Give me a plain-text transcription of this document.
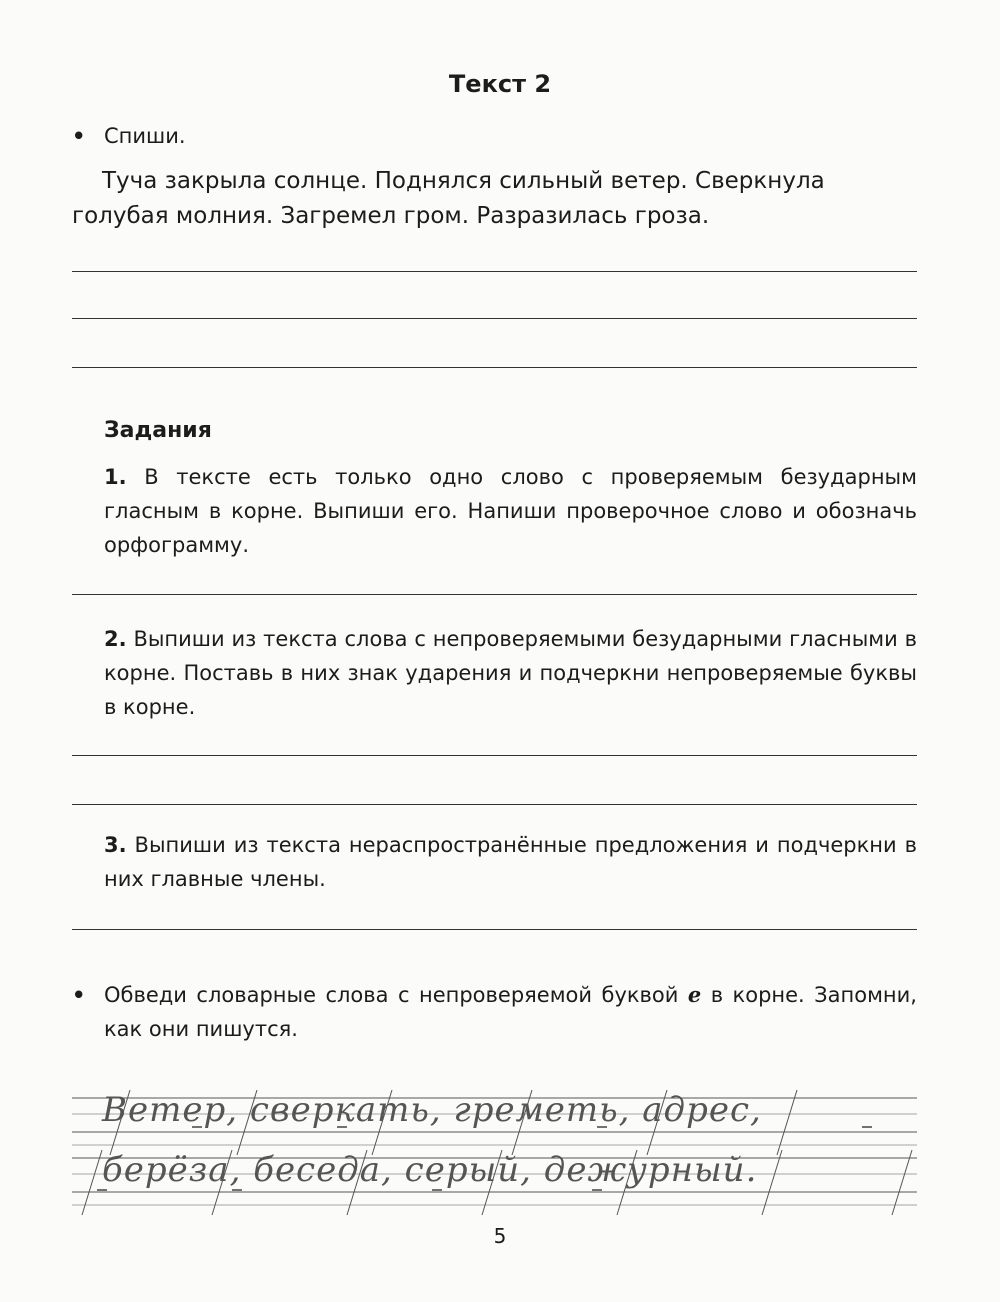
Текст 2
• Спиши.

Туча закрыла солнце. Поднялся сильный ветер. Сверкнула голубая молния. Загремел гром. Разразилась гроза.

Задания
1. В тексте есть только одно слово с проверяемым безударным гласным в корне. Выпиши его. Напиши проверочное слово и обозначь орфограмму.
2. Выпиши из текста слова с непроверяемыми безударными гласными в корне. Поставь в них знак ударения и подчеркни непроверяемые буквы в корне.
3. Выпиши из текста нераспространённые предложения и подчеркни в них главные члены.
• Обведи словарные слова с непроверяемой буквой е в корне. Запомни, как они пишутся.
Ветер, сверкать, греметь, адрес,
берёза, беседа, серый, дежурный.
5
